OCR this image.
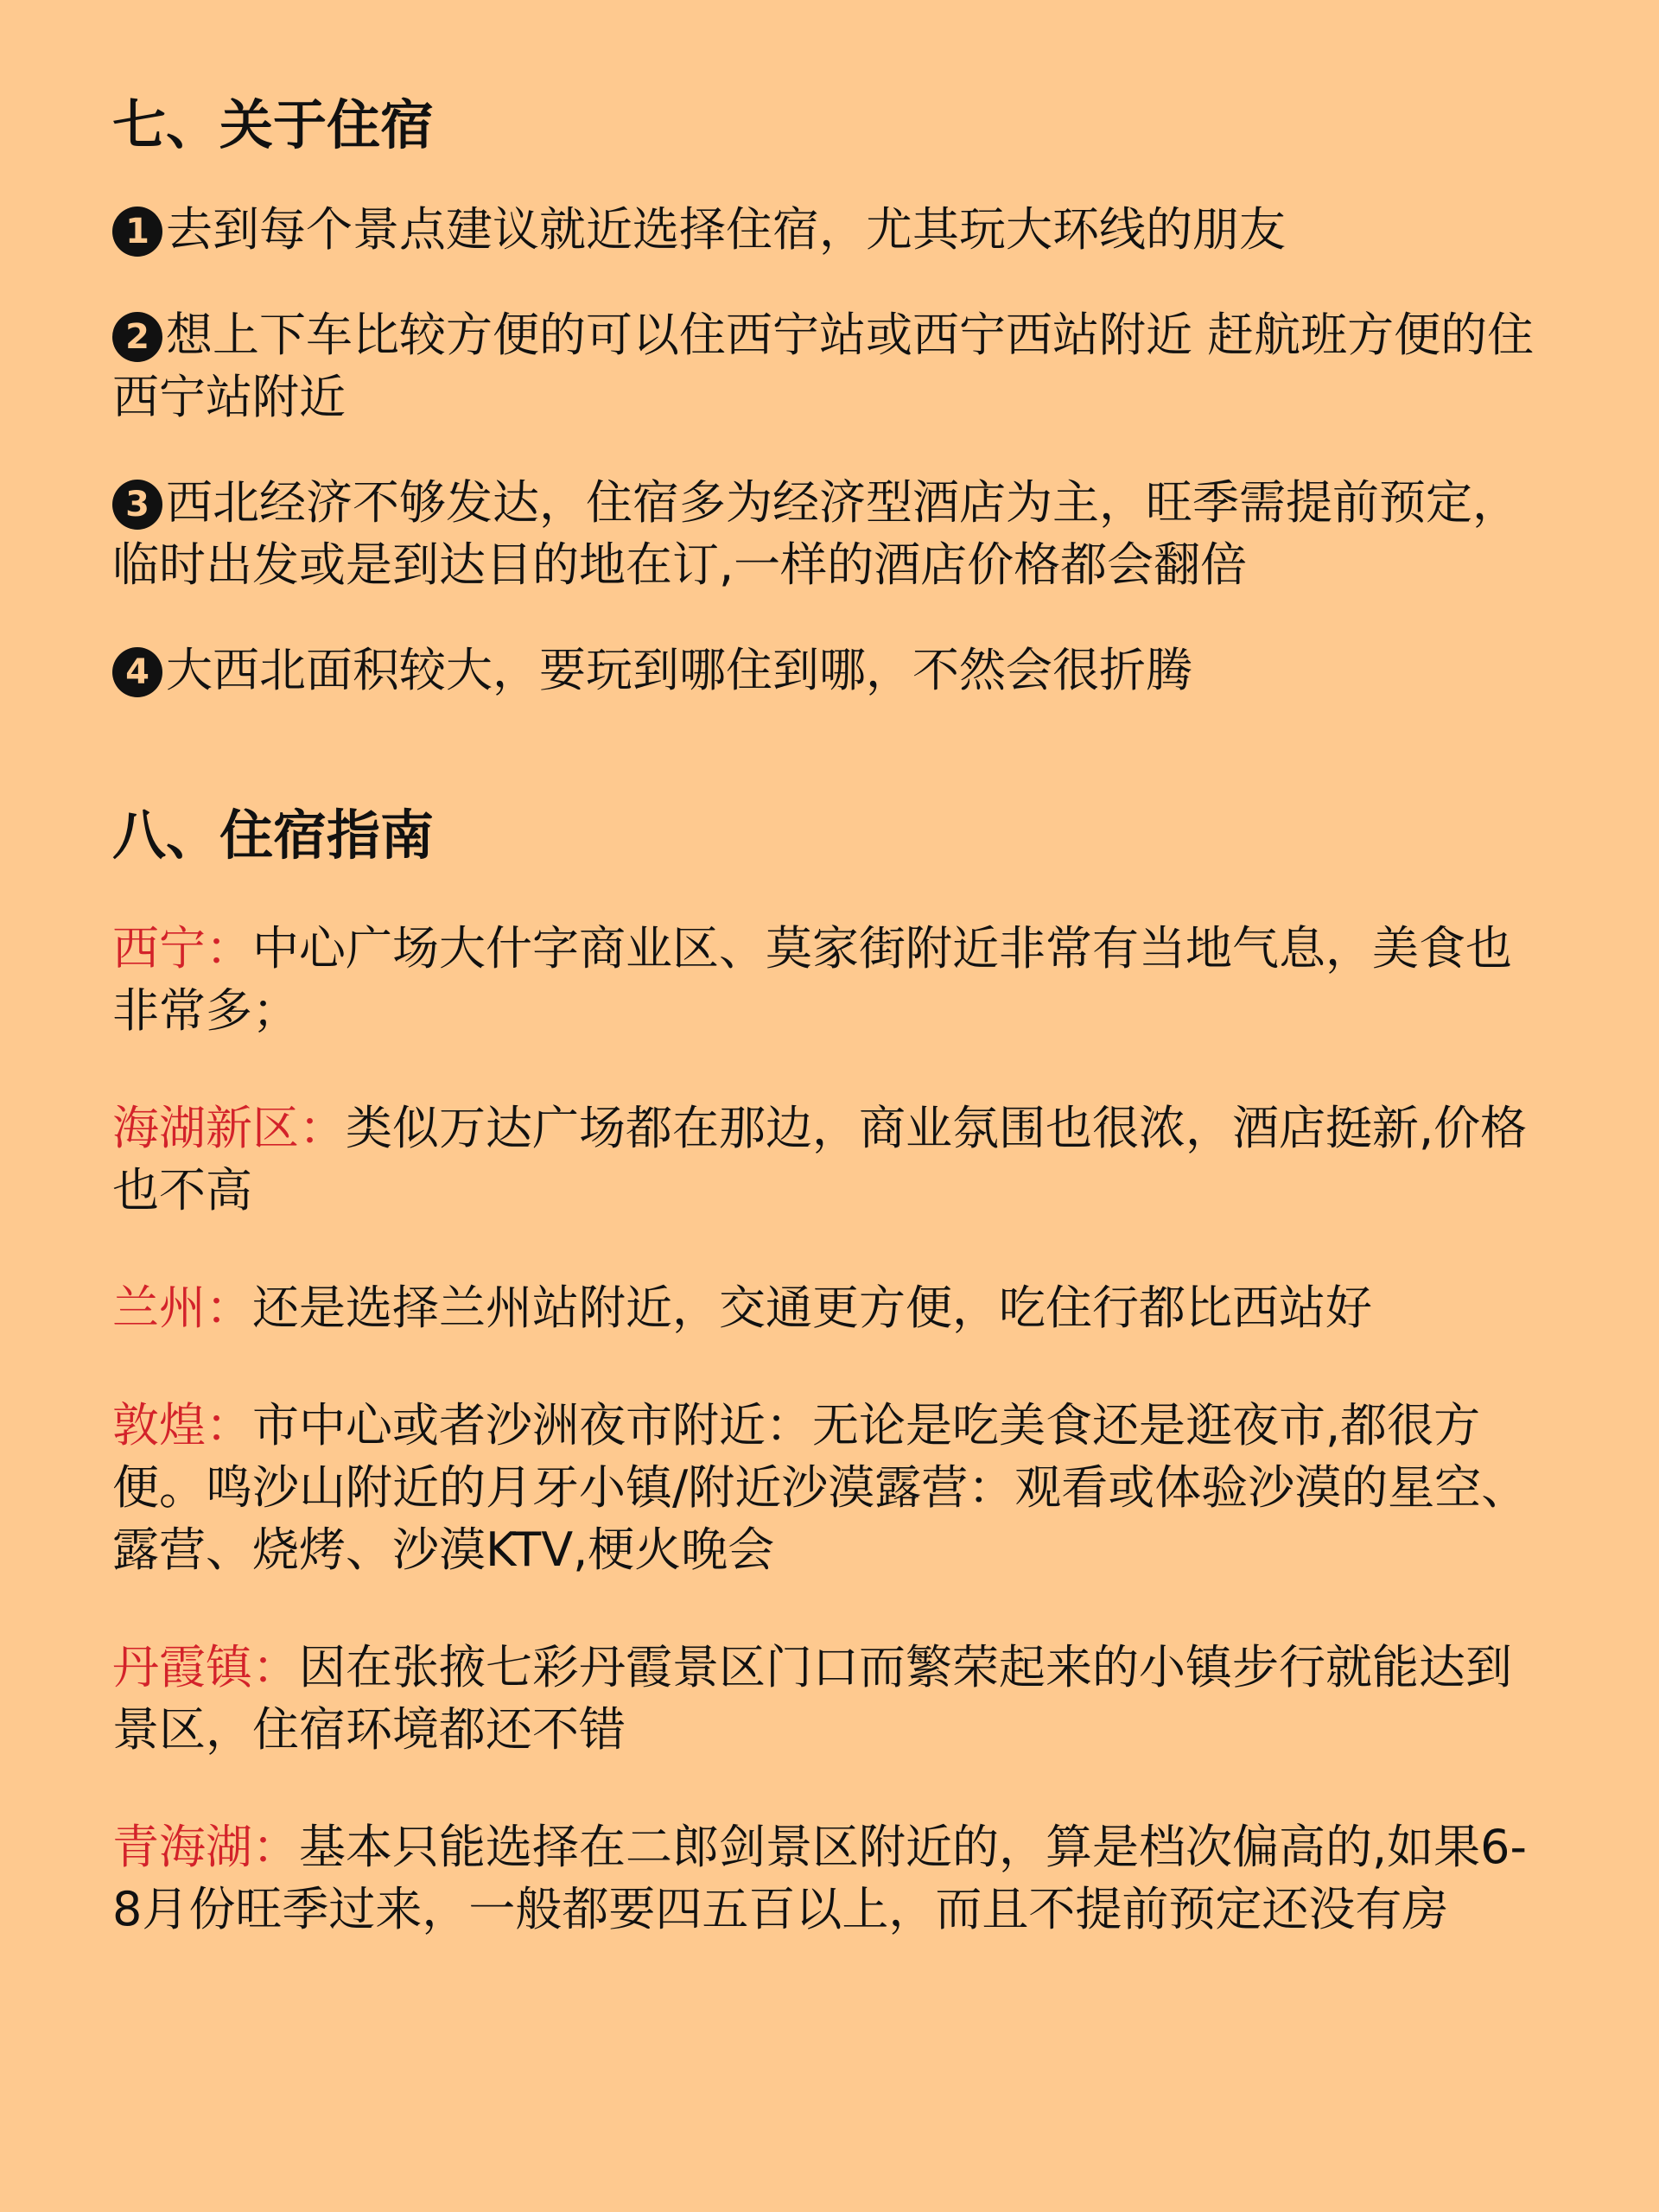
七、关于住宿
1 去到每个景点建议就近选择住宿，尤其玩大环线的朋友
2 想上下车比较方便的可以住西宁站或西宁西站附近 赶航班方便的住西宁站附近
3 西北经济不够发达，住宿多为经济型酒店为主，旺季需提前预定，临时出发或是到达目的地在订,一样的酒店价格都会翻倍
4 大西北面积较大，要玩到哪住到哪，不然会很折腾
八、住宿指南

西宁：中心广场大什字商业区、莫家街附近非常有当地气息，美食也非常多；

海湖新区：类似万达广场都在那边，商业氛围也很浓，酒店挺新,价格也不高

兰州：还是选择兰州站附近，交通更方便，吃住行都比西站好

敦煌：市中心或者沙洲夜市附近：无论是吃美食还是逛夜市,都很方便。鸣沙山附近的月牙小镇/附近沙漠露营：观看或体验沙漠的星空、露营、烧烤、沙漠KTV,梗火晚会

丹霞镇：因在张掖七彩丹霞景区门口而繁荣起来的小镇步行就能达到景区，住宿环境都还不错

青海湖：基本只能选择在二郎剑景区附近的，算是档次偏高的,如果6-8月份旺季过来，一般都要四五百以上，而且不提前预定还没有房
